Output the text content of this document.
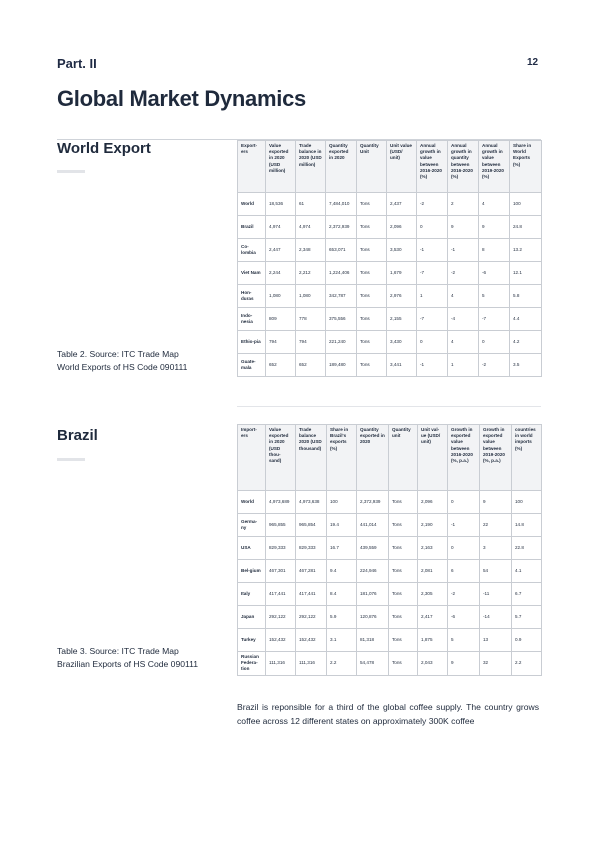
Part. II	12
Global Market Dynamics
World Export	Export-ers	Value exported in 2020 (USD million)	Trade balance in 2020 (USD million)	Quantity exported in 2020	Quantity Unit	Unit value (USD/ unit)	Annual growth in value between 2016-2020 (%)	Annual growth in quantity between 2016-2020 (%)	Annual growth in value between 2019-2020 (%)	Share in World Exports (%)
World	18,536	61	7,484,010	Tons	2,437	-2	2	4	100
Brazil	4,974	4,974	2,372,939	Tons	2,096	0	9	9	24.8
Co-lombia	2,447	2,348	653,071	Tons	3,530	-1	-1	8	13.2
Viet Nam	2,244	2,212	1,224,406	Tons	1,679	-7	-2	-6	12.1
Hon-duras	1,080	1,080	342,787	Tons	2,976	1	4	5	5.8
Indo-nesia	809	778	375,556	Tons	2,155	-7	-4	-7	4.4
Ethio-pia	794	794	221,240	Tons	3,430	0	4	0	4.2
Guate-mala	652	652	189,480	Tons	3,441	-1	1	-2	3.5
Table 2. Source: ITC Trade Map
World Exports of HS Code 090111
Brazil	Import-ers	Value exported in 2020 (USD thou-sand)	Trade balance 2020 (USD thousand)	Share in Brazil's exports (%)	Quantity exported in 2020	Quantity unit	Unit val-ue (USD/ unit)	Growth in exported value between 2016-2020 (%, p.a.)	Growth in exported value between 2019-2020 (%, p.a.)	countries in world imports (%)
World	4,973,689	4,973,638	100	2,372,939	Tons	2,096	0	9	100
Germa-ny	965,855	965,854	19.4	441,014	Tons	2,190	-1	22	14.8
USA	829,333	829,333	16.7	439,559	Tons	2,163	0	3	22.8
Bel-gium	467,301	467,281	9.4	224,946	Tons	2,081	6	54	4.1
Italy	417,441	417,441	8.4	181,076	Tons	2,305	-2	-11	6.7
Japan	292,122	292,122	5.9	120,876	Tons	2,417	-6	-14	5.7
Turkey	152,432	152,432	3.1	81,318	Tons	1,875	5	13	0.9
Russian Federa-tion	111,316	111,316	2.2	54,478	Tons	2,043	9	32	2.2
Table 3. Source: ITC Trade Map
Brazilian Exports of HS Code 090111
Brazil is reponsible for a third of the global coffee supply. The country grows coffee across 12 different states on approximately 300K coffee
